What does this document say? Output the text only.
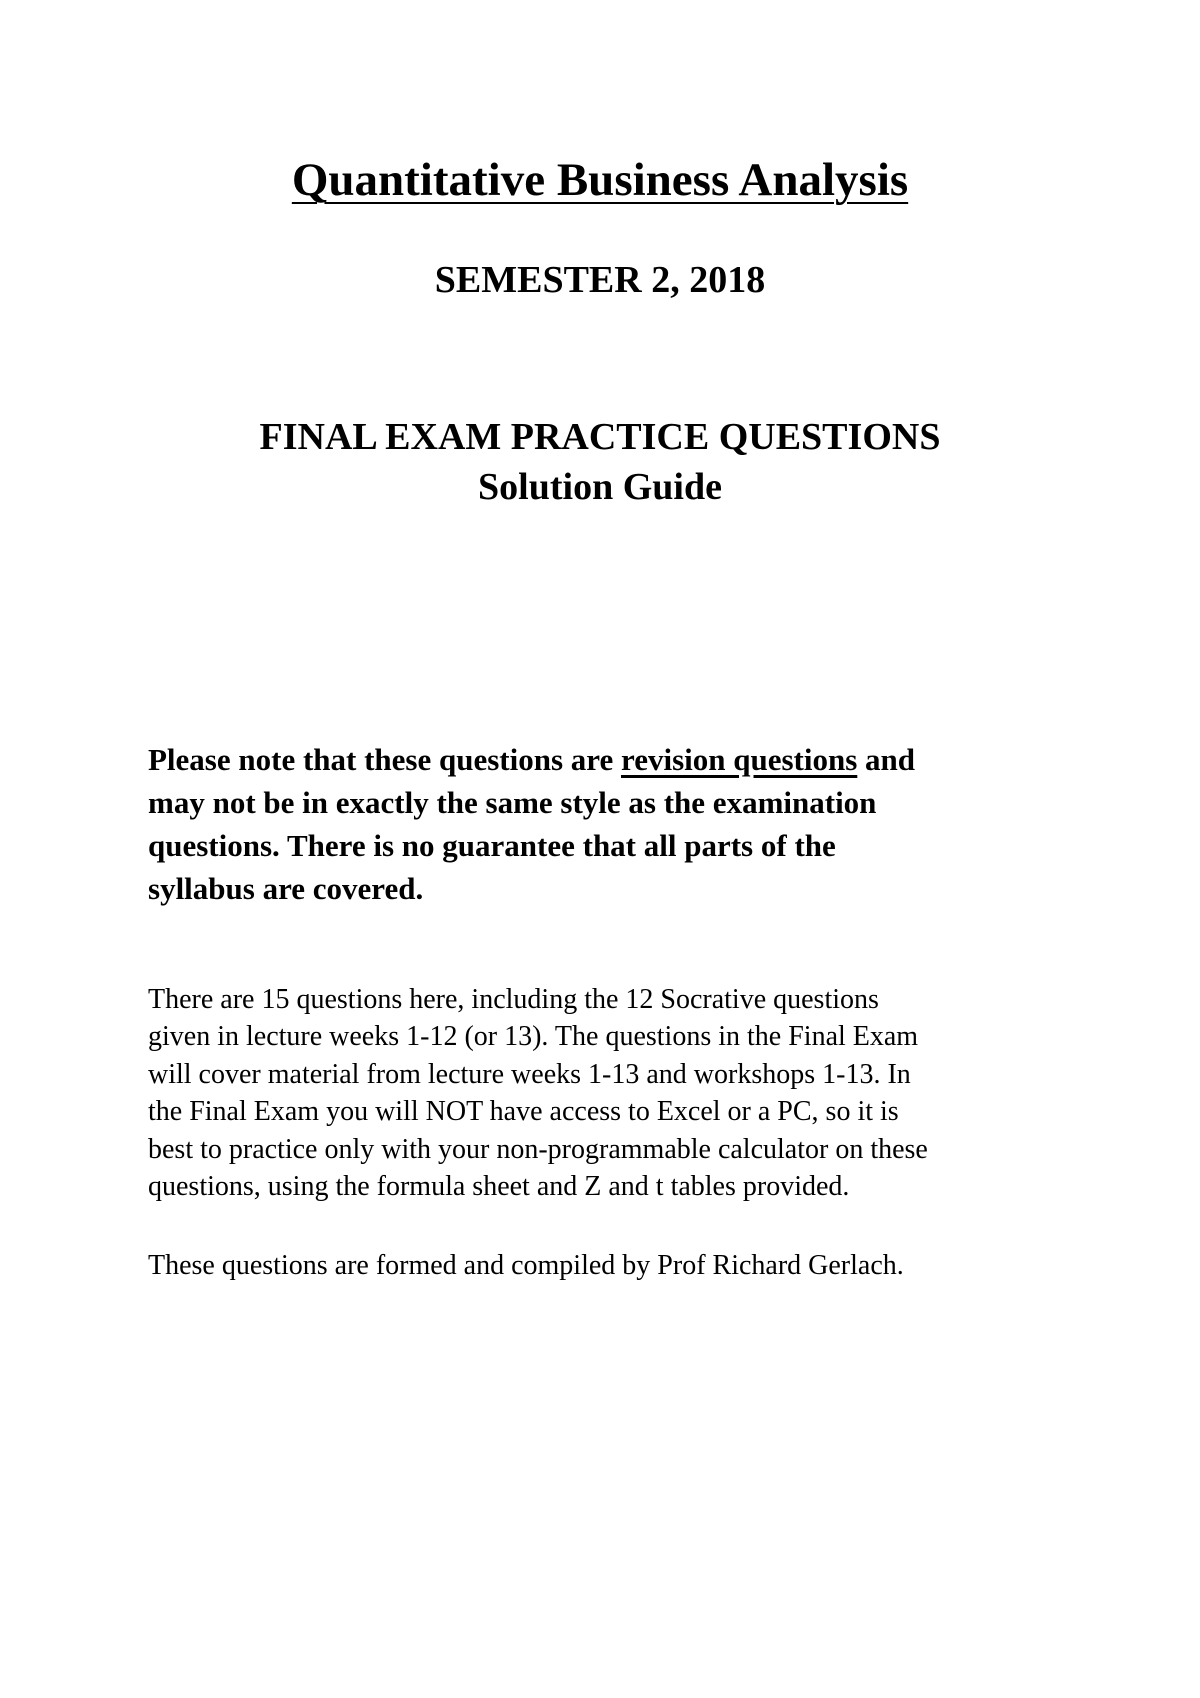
Quantitative Business Analysis
SEMESTER 2, 2018
FINAL EXAM PRACTICE QUESTIONS
Solution Guide
Please note that these questions are revision questions and
may not be in exactly the same style as the examination
questions. There is no guarantee that all parts of the
syllabus are covered.
There are 15 questions here, including the 12 Socrative questions
given in lecture weeks 1-12 (or 13). The questions in the Final Exam
will cover material from lecture weeks 1-13 and workshops 1-13. In
the Final Exam you will NOT have access to Excel or a PC, so it is
best to practice only with your non-programmable calculator on these
questions, using the formula sheet and Z and t tables provided.
These questions are formed and compiled by Prof Richard Gerlach.
